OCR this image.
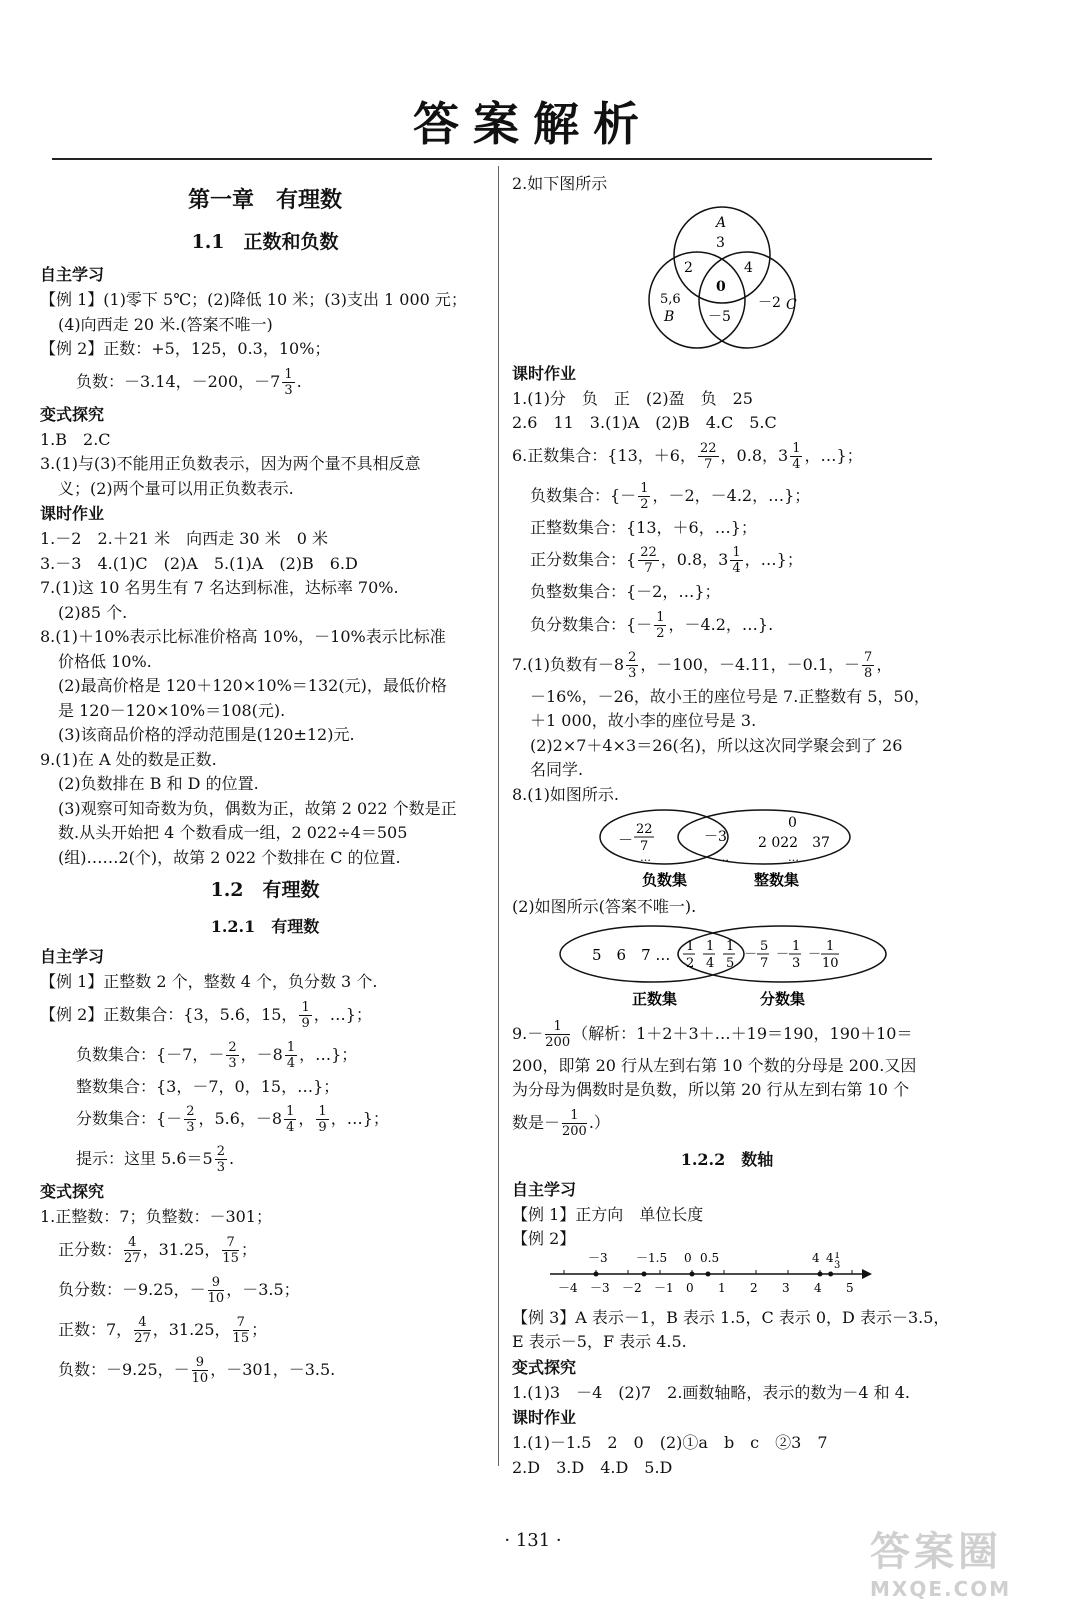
答案解析
第一章　有理数
1.1　正数和负数
自主学习
【例 1】(1)零下 5℃；(2)降低 10 米；(3)支出 1 000 元；
(4)向西走 20 米.(答案不唯一)
【例 2】正数：+5，125，0.3，10%；
负数：－3.14，－200，$-7 \frac{1}{3}$ .
变式探究
1.B　2.C
3.(1)与(3)不能用正负数表示，因为两个量不具相反意
义；(2)两个量可以用正负数表示.
课时作业
1.－2　2.＋21 米　向西走 30 米　0 米
3.－3　4.(1)C　(2)A　5.(1)A　(2)B　6.D
7.(1)这 10 名男生有 7 名达到标准，达标率 70%.
(2)85 个.
8.(1)＋10%表示比标准价格高 10%，－10%表示比标准
价格低 10%.
(2)最高价格是 120＋120×10%＝132(元)，最低价格
是 120－120×10%＝108(元).
(3)该商品价格的浮动范围是(120±12)元.
9.(1)在 A 处的数是正数.
(2)负数排在 B 和 D 的位置.
(3)观察可知奇数为负，偶数为正，故第 2 022 个数是正
数.从头开始把 4 个数看成一组，2 022÷4＝505
(组)……2(个)，故第 2 022 个数排在 C 的位置.
1.2　有理数
1.2.1　有理数
自主学习
【例 1】正整数 2 个，整数 4 个，负分数 3 个.
【例 2】正数集合：{3，5.6̇，15， $\frac{1}{9}$ ，…}；
负数集合：{－7，－ $\frac{2}{3}$ ，$-8 \frac{1}{4}$ ，…}；
整数集合：{3，－7，0，15，…}；
分数集合：{－ $\frac{2}{3}$ ，5.6̇，$-8 \frac{1}{4}$ ， $\frac{1}{9}$ ，…}；
提示：这里 5.6̇＝5 $\frac{2}{3}$ .
变式探究
1.正整数：7；负整数：－301；
正分数： $\frac{4}{27}$ ，31.25， $\frac{7}{15}$ ；
负分数：－9.25，－ $\frac{9}{10}$ ，－3.5；
正数：7， $\frac{4}{27}$ ，31.25， $\frac{7}{15}$ ；
负数：－9.25，－ $\frac{9}{10}$ ，－301，－3.5.
2.如下图所示
A
3
2	4
0
5,6
B
－2 C
－5
课时作业
1.(1)分　负　正　(2)盈　负　25
2.6　11　3.(1)A　(2)B　4.C　5.C
6.正数集合：{13，＋6， $\frac{22}{7}$ ，0.8，$3 \frac{1}{4}$ ，…}；
负数集合：{－ $\frac{1}{2}$ ，－2，－4.2，…}；
正整数集合：{13，＋6，…}；
正分数集合：{ $\frac{22}{7}$ ，0.8，$3 \frac{1}{4}$ ，…}；
负整数集合：{－2，…}；
负分数集合：{－ $\frac{1}{2}$ ，－4.2，…}.
7.(1)负数有$-8 \frac{2}{3}$ ，－100，－4.11，－0.1，－ $\frac{7}{8}$ ，
－16%，－26，故小王的座位号是 7.正整数有 5，50，
＋1 000，故小李的座位号是 3.
(2)2×7＋4×3＝26(名)，所以这次同学聚会到了 26
名同学.
8.(1)如图所示.
－
22
7
…
－3
…
0
2 022　37
…
负数集	整数集
(2)如图所示(答案不唯一).
5　6　7 … 1
2
1
4
1
5
－
5
7
－
1
3
－
1
10
正数集	分数集
$9.- \frac{1}{200}$ （解析：1＋2＋3＋…＋19＝190，190＋10＝
200，即第 20 行从左到右第 10 个数的分母是 200.又因
为分母为偶数时是负数，所以第 20 行从左到右第 10 个
数是－ $\frac{1}{200}$ .）
1.2.2　数轴
自主学习
【例 1】正方向　单位长度
【例 2】
－4 －3 －2 －1 0 1 2 3 4 5
－3 －1.5 0 0.5	4 4 1
3
【例 3】A 表示－1，B 表示 1.5，C 表示 0，D 表示－3.5，
E 表示－5，F 表示 4.5.
变式探究
1.(1)3　－4　(2)7　2.画数轴略，表示的数为－4 和 4.
课时作业
1.(1)－1.5　2　0　(2)①a　b　c　②3　7
2.D　3.D　4.D　5.D
· 131 ·	答案圈
MXQE.COM
